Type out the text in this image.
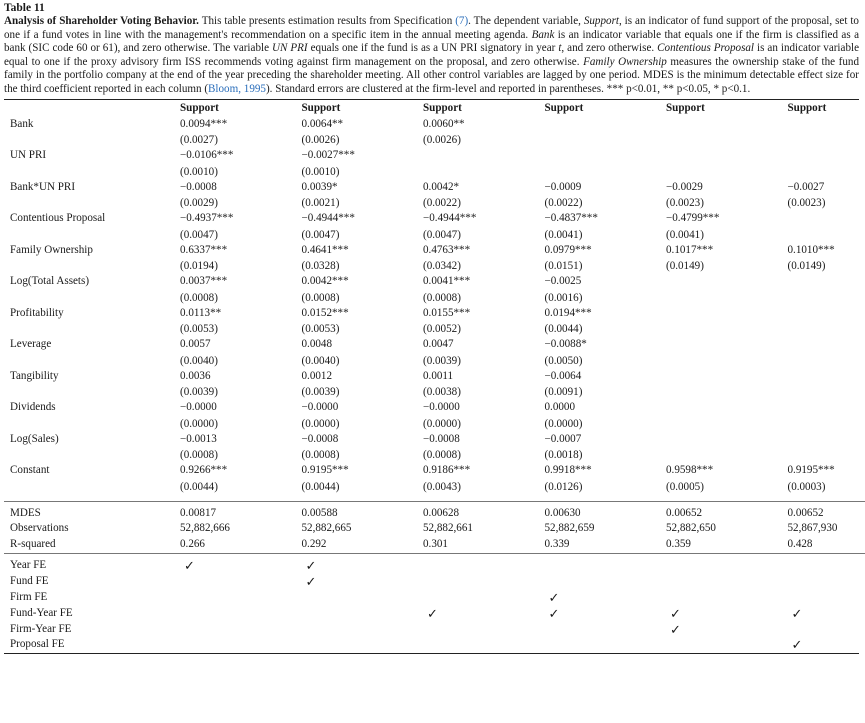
Table 11
Analysis of Shareholder Voting Behavior. This table presents estimation results from Specification (7). The dependent variable, Support, is an indicator of fund support of the proposal, set to one if a fund votes in line with the management's recommendation on a specific item in the annual meeting agenda. Bank is an indicator variable that equals one if the firm is classified as a bank (SIC code 60 or 61), and zero otherwise. The variable UN PRI equals one if the fund is as a UN PRI signatory in year t, and zero otherwise. Contentious Proposal is an indicator variable equal to one if the proxy advisory firm ISS recommends voting against firm management on the proposal, and zero otherwise. Family Ownership measures the ownership stake of the fund family in the portfolio company at the end of the year preceding the shareholder meeting. All other control variables are lagged by one period. MDES is the minimum detectable effect size for the third coefficient reported in each column (Bloom, 1995). Standard errors are clustered at the firm-level and reported in parentheses. *** p<0.01, ** p<0.05, * p<0.1.
	Support	Support	Support	Support	Support	Support
Bank	0.0094***	0.0064**	0.0060**			
	(0.0027)	(0.0026)	(0.0026)			
UN PRI	−0.0106***	−0.0027***				
	(0.0010)	(0.0010)				
Bank*UN PRI	−0.0008	0.0039*	0.0042*	−0.0009	−0.0029	−0.0027
	(0.0029)	(0.0021)	(0.0022)	(0.0022)	(0.0023)	(0.0023)
Contentious Proposal	−0.4937***	−0.4944***	−0.4944***	−0.4837***	−0.4799***	
	(0.0047)	(0.0047)	(0.0047)	(0.0041)	(0.0041)	
Family Ownership	0.6337***	0.4641***	0.4763***	0.0979***	0.1017***	0.1010***
	(0.0194)	(0.0328)	(0.0342)	(0.0151)	(0.0149)	(0.0149)
Log(Total Assets)	0.0037***	0.0042***	0.0041***	−0.0025		
	(0.0008)	(0.0008)	(0.0008)	(0.0016)		
Profitability	0.0113**	0.0152***	0.0155***	0.0194***		
	(0.0053)	(0.0053)	(0.0052)	(0.0044)		
Leverage	0.0057	0.0048	0.0047	−0.0088*		
	(0.0040)	(0.0040)	(0.0039)	(0.0050)		
Tangibility	0.0036	0.0012	0.0011	−0.0064		
	(0.0039)	(0.0039)	(0.0038)	(0.0091)		
Dividends	−0.0000	−0.0000	−0.0000	0.0000		
	(0.0000)	(0.0000)	(0.0000)	(0.0000)		
Log(Sales)	−0.0013	−0.0008	−0.0008	−0.0007		
	(0.0008)	(0.0008)	(0.0008)	(0.0018)		
Constant	0.9266***	0.9195***	0.9186***	0.9918***	0.9598***	0.9195***
	(0.0044)	(0.0044)	(0.0043)	(0.0126)	(0.0005)	(0.0003)

MDES	0.00817	0.00588	0.00628	0.00630	0.00652	0.00652
Observations	52,882,666	52,882,665	52,882,661	52,882,659	52,882,650	52,867,930
R-squared	0.266	0.292	0.301	0.339	0.359	0.428

Year FE	✓	✓				
Fund FE		✓				
Firm FE				✓		
Fund-Year FE			✓	✓	✓	✓
Firm-Year FE					✓	
Proposal FE						✓
